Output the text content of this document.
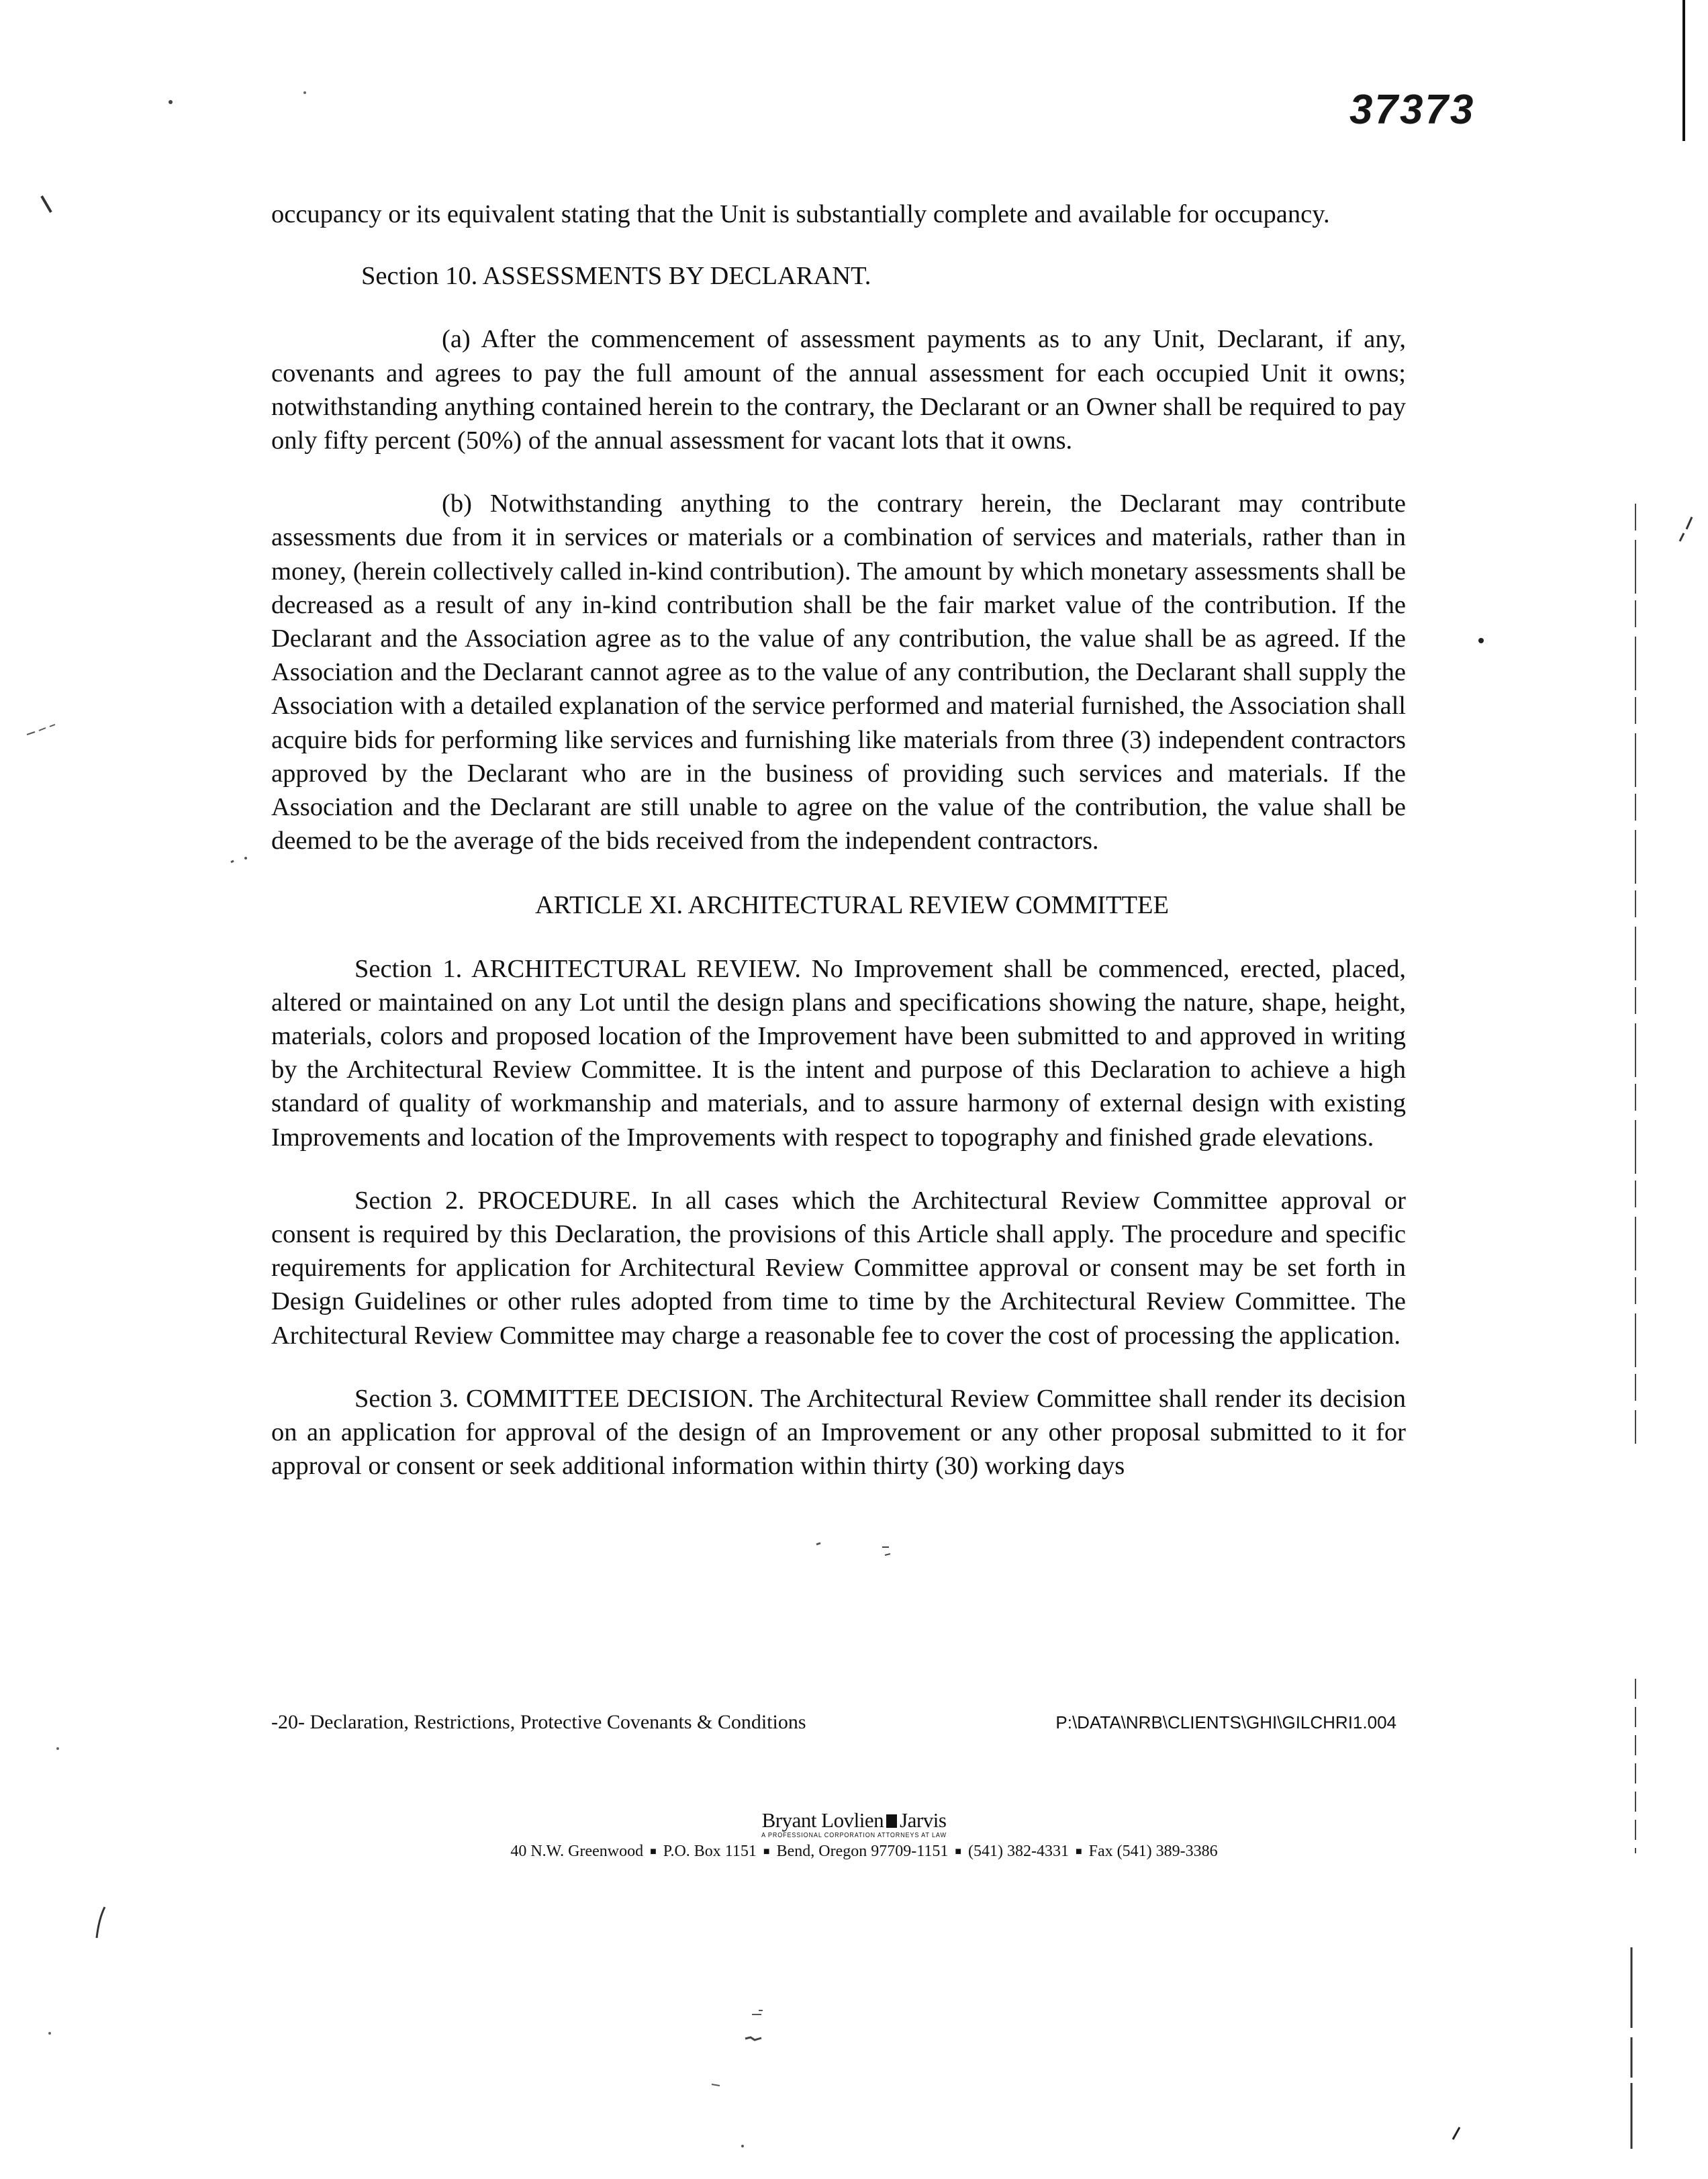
37373

occupancy or its equivalent stating that the Unit is substantially complete and available for occupancy.

Section 10. ASSESSMENTS BY DECLARANT.

(a) After the commencement of assessment payments as to any Unit, Declarant, if any, covenants and agrees to pay the full amount of the annual assessment for each occupied Unit it owns; notwithstanding anything contained herein to the contrary, the Declarant or an Owner shall be required to pay only fifty percent (50%) of the annual assessment for vacant lots that it owns.

(b) Notwithstanding anything to the contrary herein, the Declarant may contribute assessments due from it in services or materials or a combination of services and materials, rather than in money, (herein collectively called in-kind contribution). The amount by which monetary assessments shall be decreased as a result of any in-kind contribution shall be the fair market value of the contribution. If the Declarant and the Association agree as to the value of any contribution, the value shall be as agreed. If the Association and the Declarant cannot agree as to the value of any contribution, the Declarant shall supply the Association with a detailed explanation of the service performed and material furnished, the Association shall acquire bids for performing like services and furnishing like materials from three (3) independent contractors approved by the Declarant who are in the business of providing such services and materials. If the Association and the Declarant are still unable to agree on the value of the contribution, the value shall be deemed to be the average of the bids received from the independent contractors.

ARTICLE XI. ARCHITECTURAL REVIEW COMMITTEE

Section 1. ARCHITECTURAL REVIEW. No Improvement shall be commenced, erected, placed, altered or maintained on any Lot until the design plans and specifications showing the nature, shape, height, materials, colors and proposed location of the Improvement have been submitted to and approved in writing by the Architectural Review Committee. It is the intent and purpose of this Declaration to achieve a high standard of quality of workmanship and materials, and to assure harmony of external design with existing Improvements and location of the Improvements with respect to topography and finished grade elevations.

Section 2. PROCEDURE. In all cases which the Architectural Review Committee approval or consent is required by this Declaration, the provisions of this Article shall apply. The procedure and specific requirements for application for Architectural Review Committee approval or consent may be set forth in Design Guidelines or other rules adopted from time to time by the Architectural Review Committee. The Architectural Review Committee may charge a reasonable fee to cover the cost of processing the application.

Section 3. COMMITTEE DECISION. The Architectural Review Committee shall render its decision on an application for approval of the design of an Improvement or any other proposal submitted to it for approval or consent or seek additional information within thirty (30) working days

-20- Declaration, Restrictions, Protective Covenants & Conditions	P:\DATA\NRB\CLIENTS\GHI\GILCHRI1.004
Bryant Lovlien Jarvis
A PROFESSIONAL CORPORATION ATTORNEYS AT LAW
40 N.W. Greenwood  ■  P.O. Box 1151  ■  Bend, Oregon 97709-1151  ■  (541) 382-4331  ■  Fax (541) 389-3386
